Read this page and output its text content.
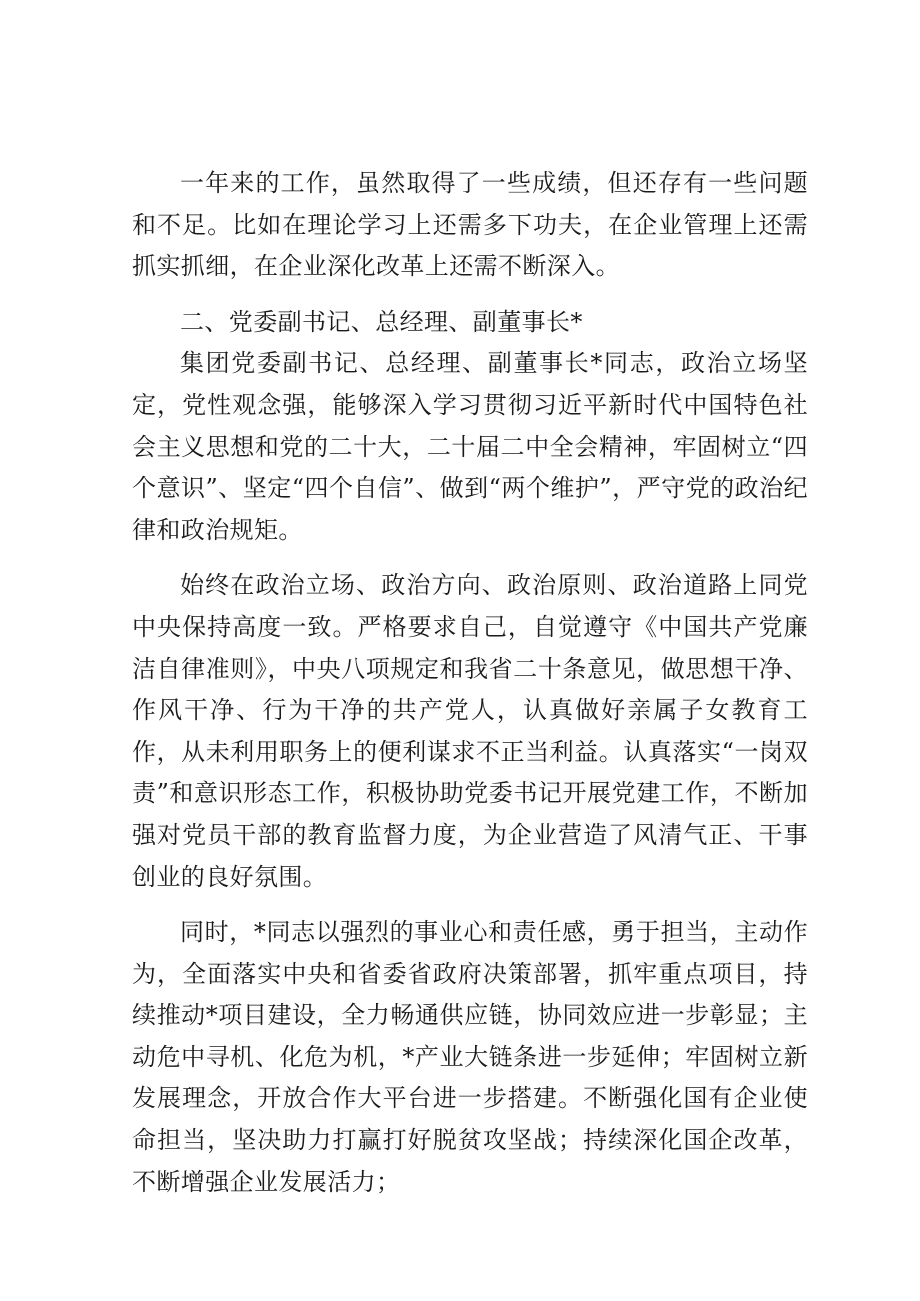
一年来的工作，虽然取得了一些成绩，但还存有一些问题和不足。比如在理论学习上还需多下功夫，在企业管理上还需抓实抓细，在企业深化改革上还需不断深入。

二、党委副书记、总经理、副董事长*

集团党委副书记、总经理、副董事长*同志，政治立场坚定，党性观念强，能够深入学习贯彻习近平新时代中国特色社会主义思想和党的二十大，二十届二中全会精神，牢固树立“四个意识”、坚定“四个自信”、做到“两个维护”，严守党的政治纪律和政治规矩。

始终在政治立场、政治方向、政治原则、政治道路上同党中央保持高度一致。严格要求自己，自觉遵守《中国共产党廉洁自律准则》，中央八项规定和我省二十条意见，做思想干净、作风干净、行为干净的共产党人，认真做好亲属子女教育工作，从未利用职务上的便利谋求不正当利益。认真落实“一岗双责”和意识形态工作，积极协助党委书记开展党建工作，不断加强对党员干部的教育监督力度，为企业营造了风清气正、干事创业的良好氛围。

同时，*同志以强烈的事业心和责任感，勇于担当，主动作为，全面落实中央和省委省政府决策部署，抓牢重点项目，持续推动*项目建设，全力畅通供应链，协同效应进一步彰显；主动危中寻机、化危为机，*产业大链条进一步延伸；牢固树立新发展理念，开放合作大平台进一步搭建。不断强化国有企业使命担当，坚决助力打赢打好脱贫攻坚战；持续深化国企改革，不断增强企业发展活力；
